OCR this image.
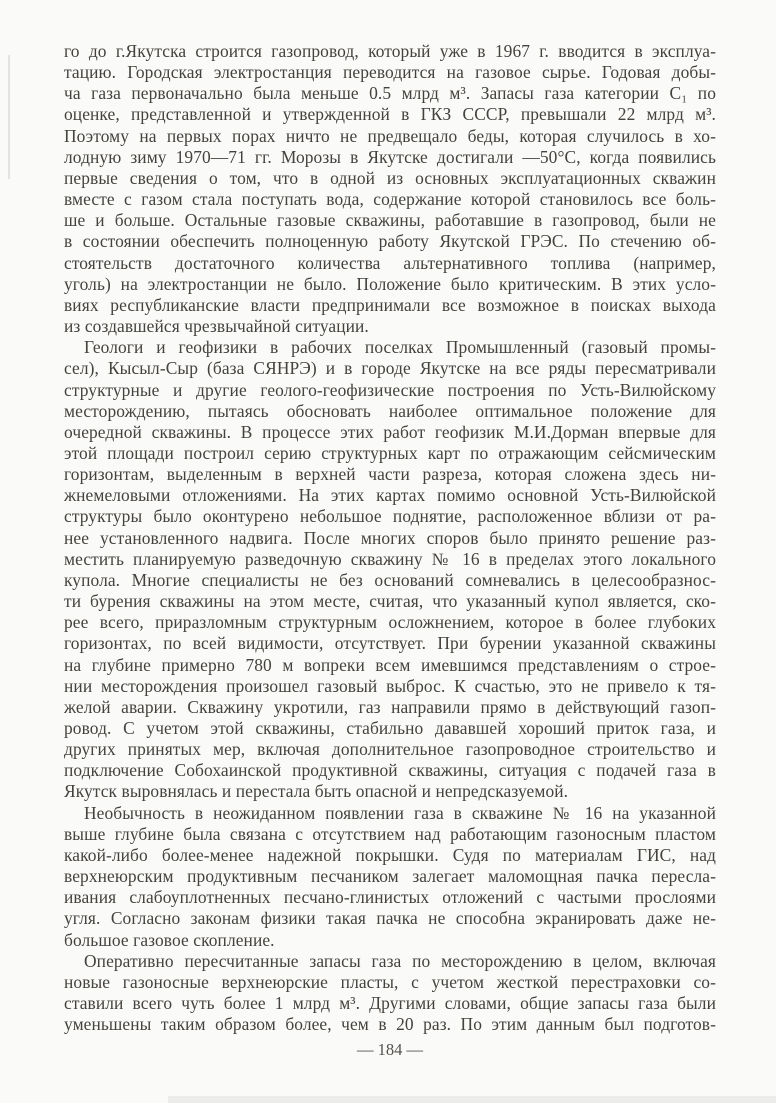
го до г.Якутска строится газопровод, который уже в 1967 г. вводится в эксплуа-
тацию. Городская электростанция переводится на газовое сырье. Годовая добы-
ча газа первоначально была меньше 0.5 млрд м³. Запасы газа категории С₁ по
оценке, представленной и утвержденной в ГКЗ СССР, превышали 22 млрд м³.
Поэтому на первых порах ничто не предвещало беды, которая случилось в хо-
лодную зиму 1970—71 гг. Морозы в Якутске достигали —50°С, когда появились
первые сведения о том, что в одной из основных эксплуатационных скважин
вместе с газом стала поступать вода, содержание которой становилось все боль-
ше и больше. Остальные газовые скважины, работавшие в газопровод, были не
в состоянии обеспечить полноценную работу Якутской ГРЭС. По стечению об-
стоятельств достаточного количества альтернативного топлива (например,
уголь) на электростанции не было. Положение было критическим. В этих усло-
виях республиканские власти предпринимали все возможное в поисках выхода
из создавшейся чрезвычайной ситуации.
Геологи и геофизики в рабочих поселках Промышленный (газовый промы-
сел), Кысыл-Сыр (база СЯНРЭ) и в городе Якутске на все ряды пересматривали
структурные и другие геолого-геофизические построения по Усть-Вилюйскому
месторождению, пытаясь обосновать наиболее оптимальное положение для
очередной скважины. В процессе этих работ геофизик М.И.Дорман впервые для
этой площади построил серию структурных карт по отражающим сейсмическим
горизонтам, выделенным в верхней части разреза, которая сложена здесь ни-
жнемеловыми отложениями. На этих картах помимо основной Усть-Вилюйской
структуры было оконтурено небольшое поднятие, расположенное вблизи от ра-
нее установленного надвига. После многих споров было принято решение раз-
местить планируемую разведочную скважину № 16 в пределах этого локального
купола. Многие специалисты не без оснований сомневались в целесообразнос-
ти бурения скважины на этом месте, считая, что указанный купол является, ско-
рее всего, приразломным структурным осложнением, которое в более глубоких
горизонтах, по всей видимости, отсутствует. При бурении указанной скважины
на глубине примерно 780 м вопреки всем имевшимся представлениям о строе-
нии месторождения произошел газовый выброс. К счастью, это не привело к тя-
желой аварии. Скважину укротили, газ направили прямо в действующий газоп-
ровод. С учетом этой скважины, стабильно дававшей хороший приток газа, и
других принятых мер, включая дополнительное газопроводное строительство и
подключение Собохаинской продуктивной скважины, ситуация с подачей газа в
Якутск выровнялась и перестала быть опасной и непредсказуемой.
Необычность в неожиданном появлении газа в скважине № 16 на указанной
выше глубине была связана с отсутствием над работающим газоносным пластом
какой-либо более-менее надежной покрышки. Судя по материалам ГИС, над
верхнеюрским продуктивным песчаником залегает маломощная пачка пересла-
ивания слабоуплотненных песчано-глинистых отложений с частыми прослоями
угля. Согласно законам физики такая пачка не способна экранировать даже не-
большое газовое скопление.
Оперативно пересчитанные запасы газа по месторождению в целом, включая
новые газоносные верхнеюрские пласты, с учетом жесткой перестраховки со-
ставили всего чуть более 1 млрд м³. Другими словами, общие запасы газа были
уменьшены таким образом более, чем в 20 раз. По этим данным был подготов-
— 184 —
